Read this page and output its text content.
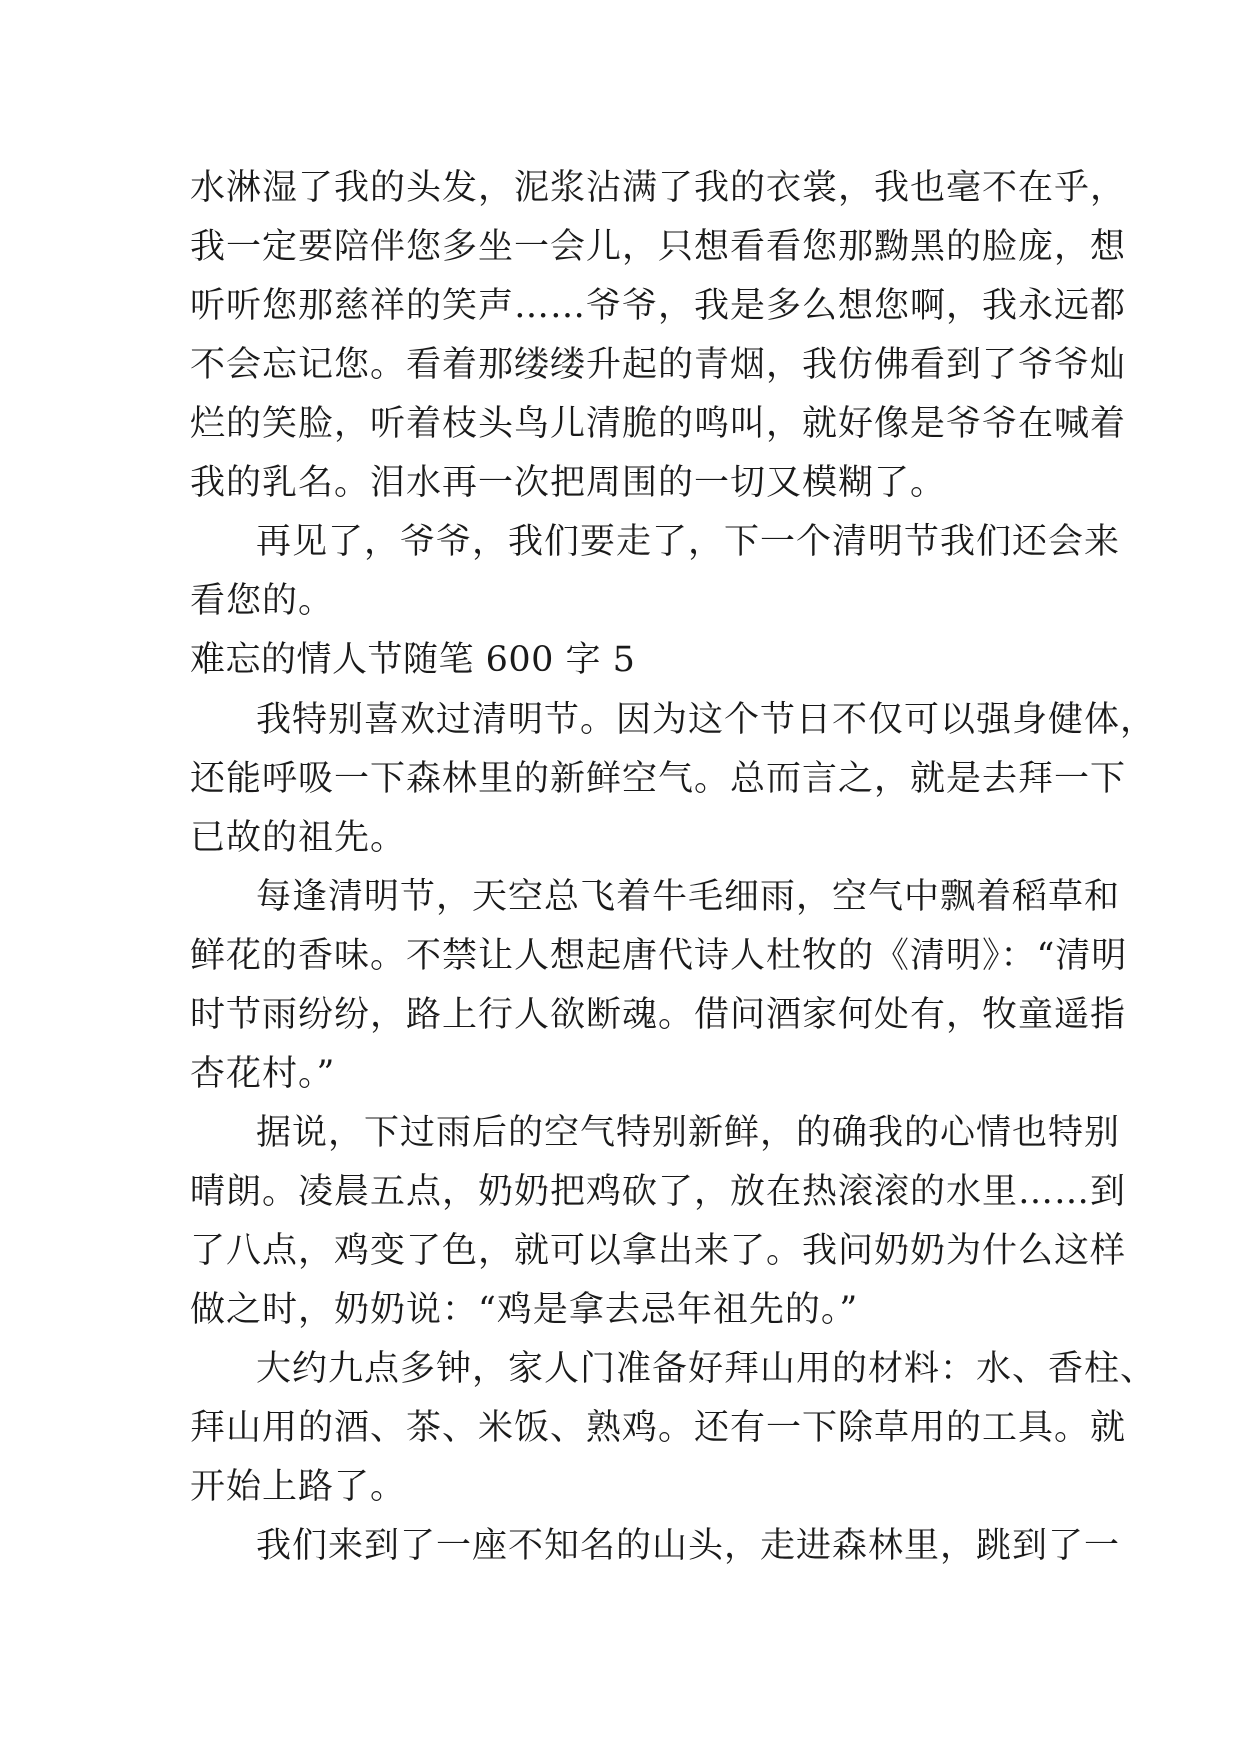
水淋湿了我的头发，泥浆沾满了我的衣裳，我也毫不在乎，
我一定要陪伴您多坐一会儿，只想看看您那黝黑的脸庞，想
听听您那慈祥的笑声……爷爷，我是多么想您啊，我永远都
不会忘记您。看着那缕缕升起的青烟，我仿佛看到了爷爷灿
烂的笑脸，听着枝头鸟儿清脆的鸣叫，就好像是爷爷在喊着
我的乳名。泪水再一次把周围的一切又模糊了。
再见了，爷爷，我们要走了，下一个清明节我们还会来
看您的。
难忘的情人节随笔 600 字 5
我特别喜欢过清明节。因为这个节日不仅可以强身健体，
还能呼吸一下森林里的新鲜空气。总而言之，就是去拜一下
已故的祖先。
每逢清明节，天空总飞着牛毛细雨，空气中飘着稻草和
鲜花的香味。不禁让人想起唐代诗人杜牧的《清明》：“清明
时节雨纷纷，路上行人欲断魂。借问酒家何处有，牧童遥指
杏花村。”
据说，下过雨后的空气特别新鲜，的确我的心情也特别
晴朗。凌晨五点，奶奶把鸡砍了，放在热滚滚的水里……到
了八点，鸡变了色，就可以拿出来了。我问奶奶为什么这样
做之时，奶奶说：“鸡是拿去忌年祖先的。”
大约九点多钟，家人门准备好拜山用的材料：水、香柱、
拜山用的酒、茶、米饭、熟鸡。还有一下除草用的工具。就
开始上路了。
我们来到了一座不知名的山头，走进森林里，跳到了一
